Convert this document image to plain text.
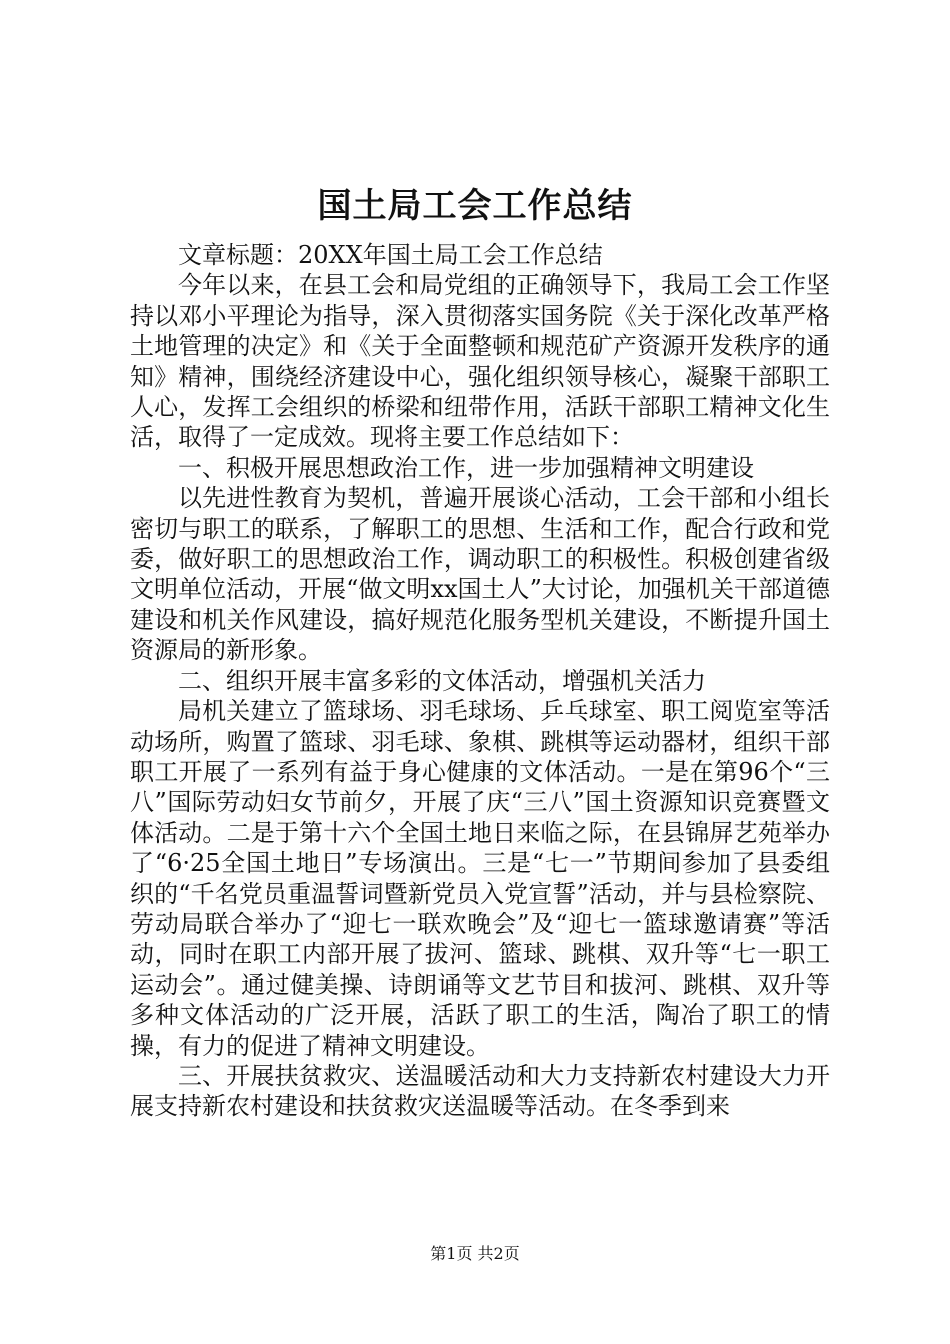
国土局工会工作总结

文章标题：20XX年国土局工会工作总结

今年以来，在县工会和局党组的正确领导下，我局工会工作坚持以邓小平理论为指导，深入贯彻落实国务院《关于深化改革严格土地管理的决定》和《关于全面整顿和规范矿产资源开发秩序的通知》精神，围绕经济建设中心，强化组织领导核心，凝聚干部职工人心，发挥工会组织的桥梁和纽带作用，活跃干部职工精神文化生活，取得了一定成效。现将主要工作总结如下：

一、积极开展思想政治工作，进一步加强精神文明建设

以先进性教育为契机，普遍开展谈心活动，工会干部和小组长密切与职工的联系，了解职工的思想、生活和工作，配合行政和党委，做好职工的思想政治工作，调动职工的积极性。积极创建省级文明单位活动，开展“做文明xx国土人”大讨论，加强机关干部道德建设和机关作风建设，搞好规范化服务型机关建设，不断提升国土资源局的新形象。

二、组织开展丰富多彩的文体活动，增强机关活力

局机关建立了篮球场、羽毛球场、乒乓球室、职工阅览室等活动场所，购置了篮球、羽毛球、象棋、跳棋等运动器材，组织干部职工开展了一系列有益于身心健康的文体活动。一是在第96个“三八”国际劳动妇女节前夕，开展了庆“三八”国土资源知识竞赛暨文体活动。二是于第十六个全国土地日来临之际，在县锦屏艺苑举办了“6·25全国土地日”专场演出。三是“七一”节期间参加了县委组织的“千名党员重温誓词暨新党员入党宣誓”活动，并与县检察院、劳动局联合举办了“迎七一联欢晚会”及“迎七一篮球邀请赛”等活动，同时在职工内部开展了拔河、篮球、跳棋、双升等“七一职工运动会”。通过健美操、诗朗诵等文艺节目和拔河、跳棋、双升等多种文体活动的广泛开展，活跃了职工的生活，陶冶了职工的情操，有力的促进了精神文明建设。

三、开展扶贫救灾、送温暖活动和大力支持新农村建设大力开展支持新农村建设和扶贫救灾送温暖等活动。在冬季到来

第1页 共2页
